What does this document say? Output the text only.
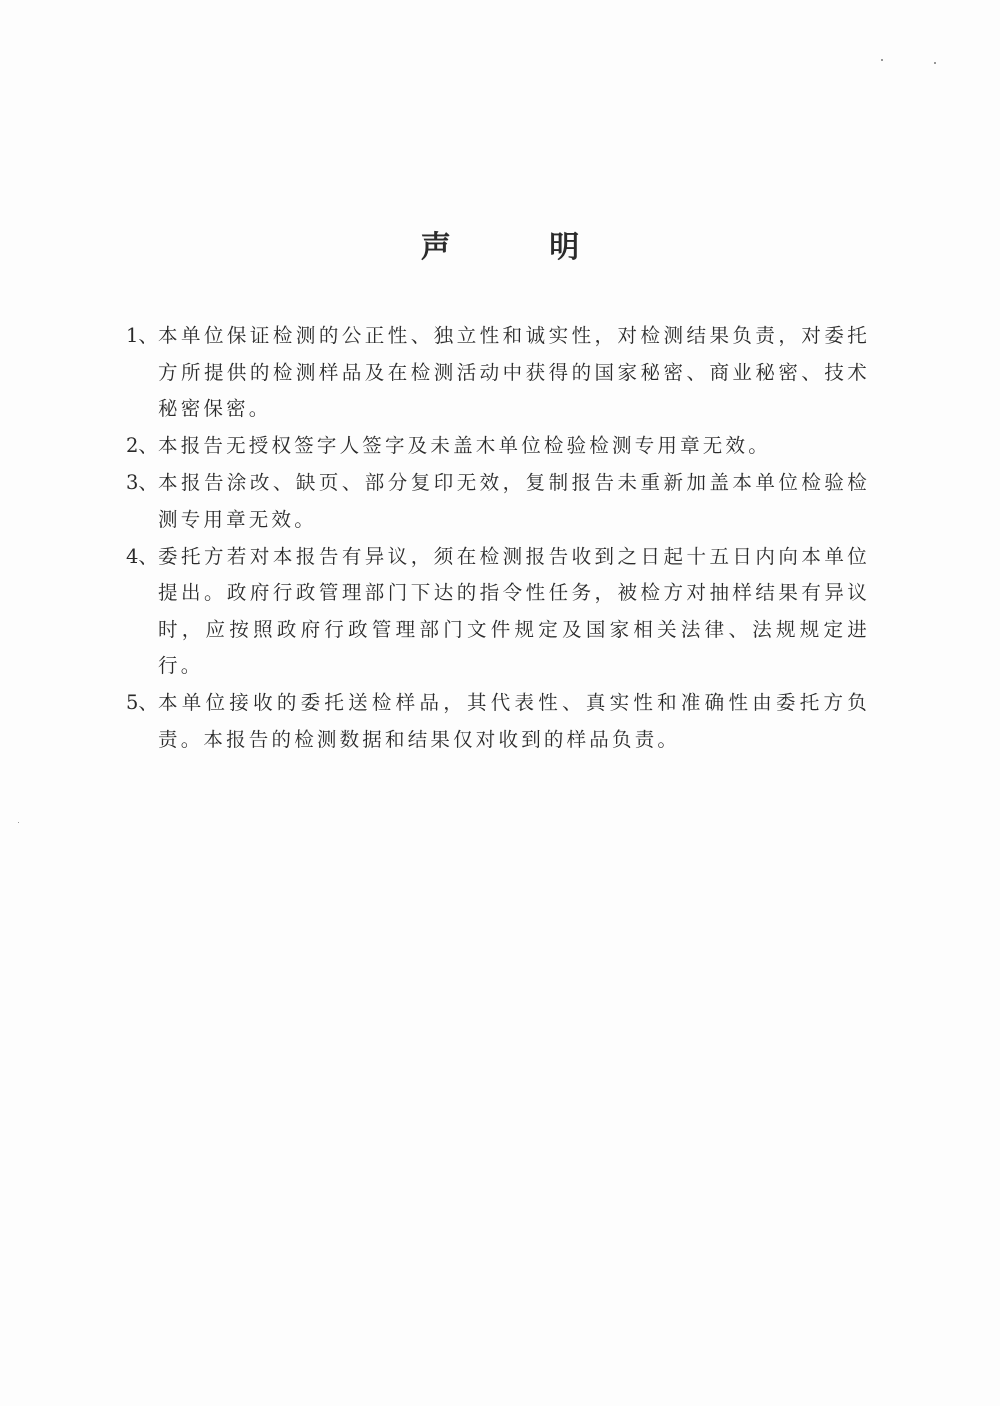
声 明
1、 本单位保证检测的公正性、独立性和诚实性，对检测结果负责，对委托方所提供的检测样品及在检测活动中获得的国家秘密、商业秘密、技术秘密保密。
2、 本报告无授权签字人签字及未盖木单位检验检测专用章无效。
3、 本报告涂改、缺页、部分复印无效，复制报告未重新加盖本单位检验检测专用章无效。
4、 委托方若对本报告有异议，须在检测报告收到之日起十五日内向本单位提出。政府行政管理部门下达的指令性任务，被检方对抽样结果有异议时，应按照政府行政管理部门文件规定及国家相关法律、法规规定进行。
5、 本单位接收的委托送检样品，其代表性、真实性和准确性由委托方负责。本报告的检测数据和结果仅对收到的样品负责。
